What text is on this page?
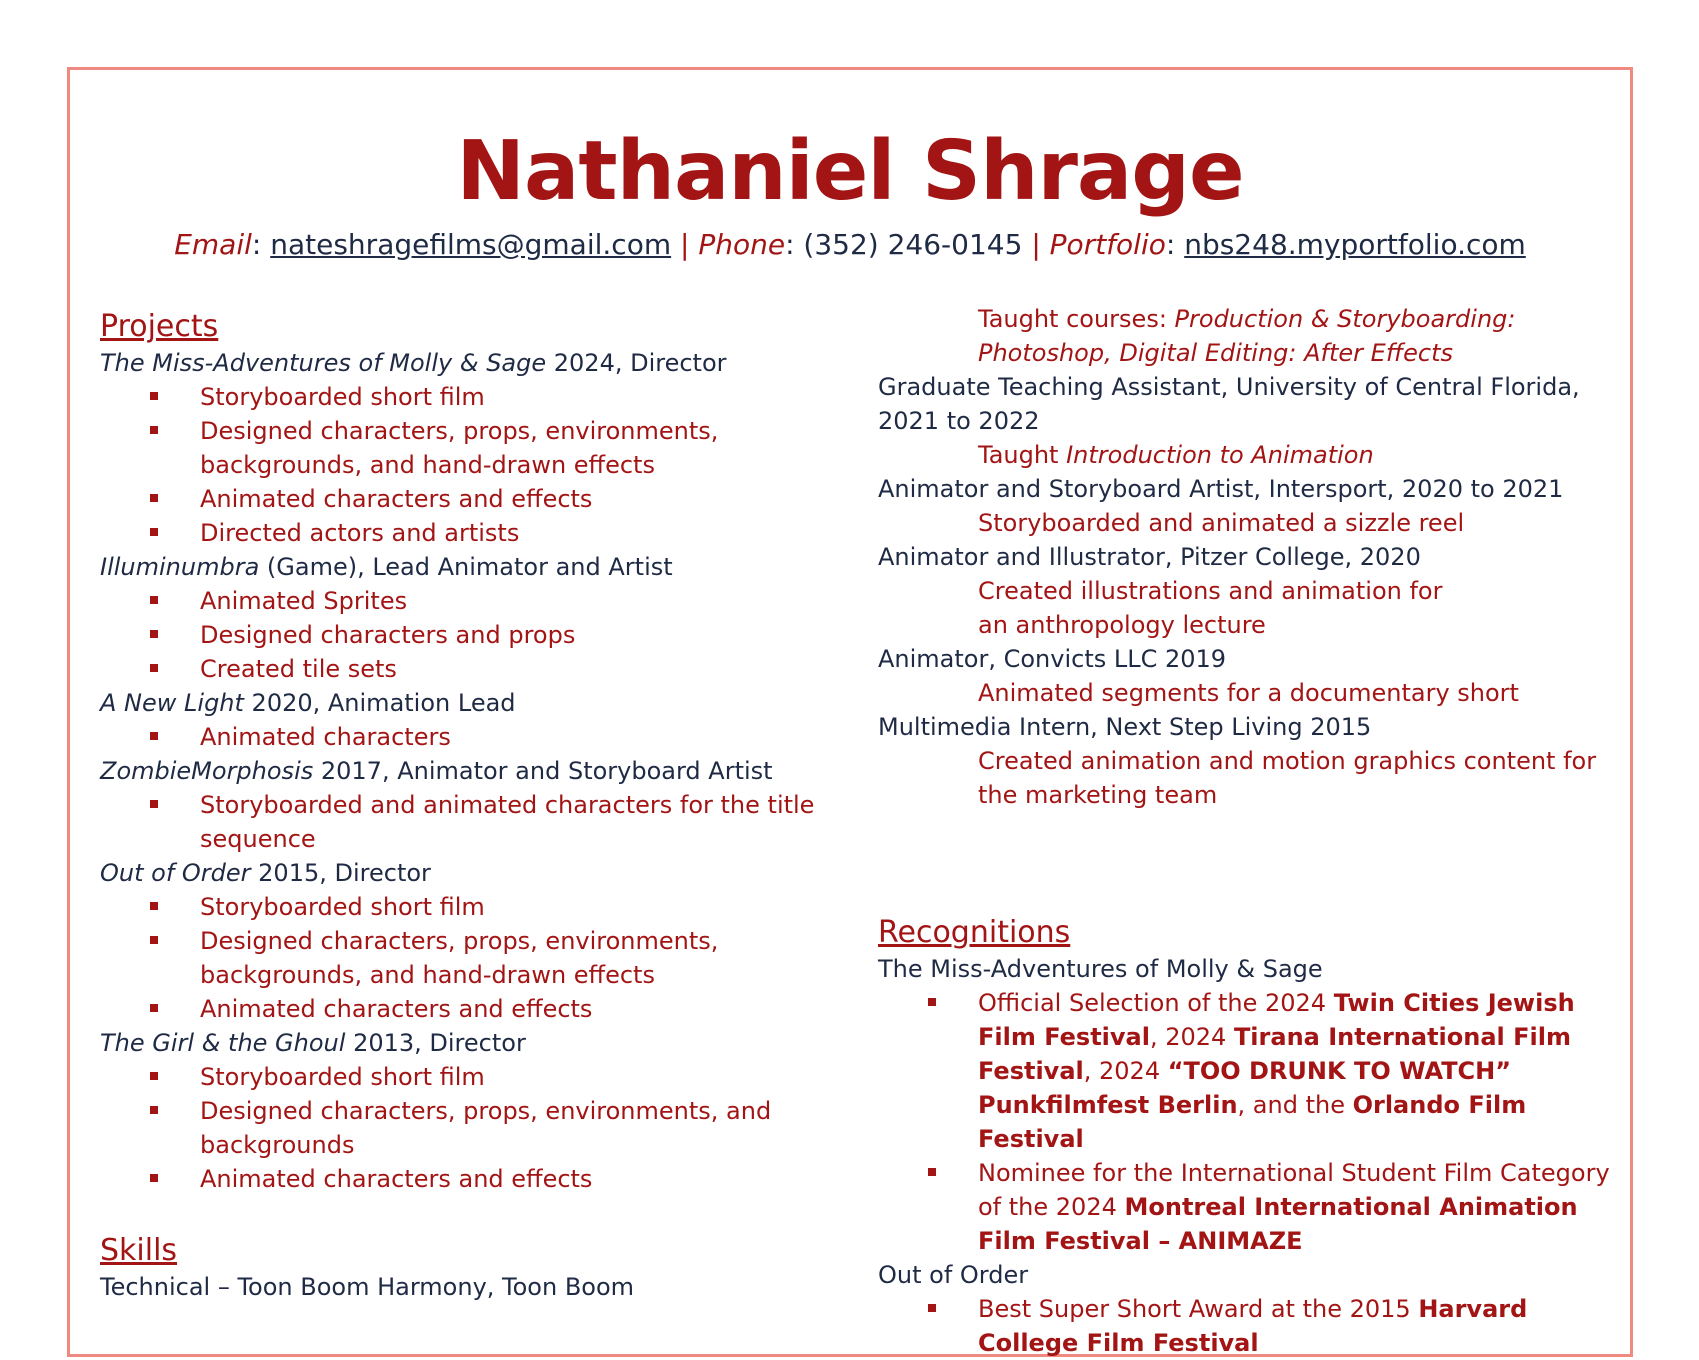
Nathaniel Shrage
Email: nateshragefilms@gmail.com | Phone: (352) 246-0145 | Portfolio: nbs248.myportfolio.com
Projects
The Miss-Adventures of Molly & Sage 2024, Director
Storyboarded short film
Designed characters, props, environments, backgrounds, and hand-drawn effects
Animated characters and effects
Directed actors and artists
Illuminumbra (Game), Lead Animator and Artist
Animated Sprites
Designed characters and props
Created tile sets
A New Light 2020, Animation Lead
Animated characters
ZombieMorphosis 2017, Animator and Storyboard Artist
Storyboarded and animated characters for the title sequence
Out of Order 2015, Director
Storyboarded short film
Designed characters, props, environments, backgrounds, and hand-drawn effects
Animated characters and effects
The Girl & the Ghoul 2013, Director
Storyboarded short film
Designed characters, props, environments, and backgrounds
Animated characters and effects
Skills
Technical – Toon Boom Harmony, Toon Boom
Taught courses: Production & Storyboarding: Photoshop, Digital Editing: After Effects
Graduate Teaching Assistant, University of Central Florida, 2021 to 2022
Taught Introduction to Animation
Animator and Storyboard Artist, Intersport, 2020 to 2021
Storyboarded and animated a sizzle reel
Animator and Illustrator, Pitzer College, 2020
Created illustrations and animation for an anthropology lecture
Animator, Convicts LLC 2019
Animated segments for a documentary short
Multimedia Intern, Next Step Living 2015
Created animation and motion graphics content for the marketing team
Recognitions
The Miss-Adventures of Molly & Sage
Official Selection of the 2024 Twin Cities Jewish Film Festival, 2024 Tirana International Film Festival, 2024 “TOO DRUNK TO WATCH” Punkfilmfest Berlin, and the Orlando Film Festival
Nominee for the International Student Film Category of the 2024 Montreal International Animation Film Festival – ANIMAZE
Out of Order
Best Super Short Award at the 2015 Harvard College Film Festival
